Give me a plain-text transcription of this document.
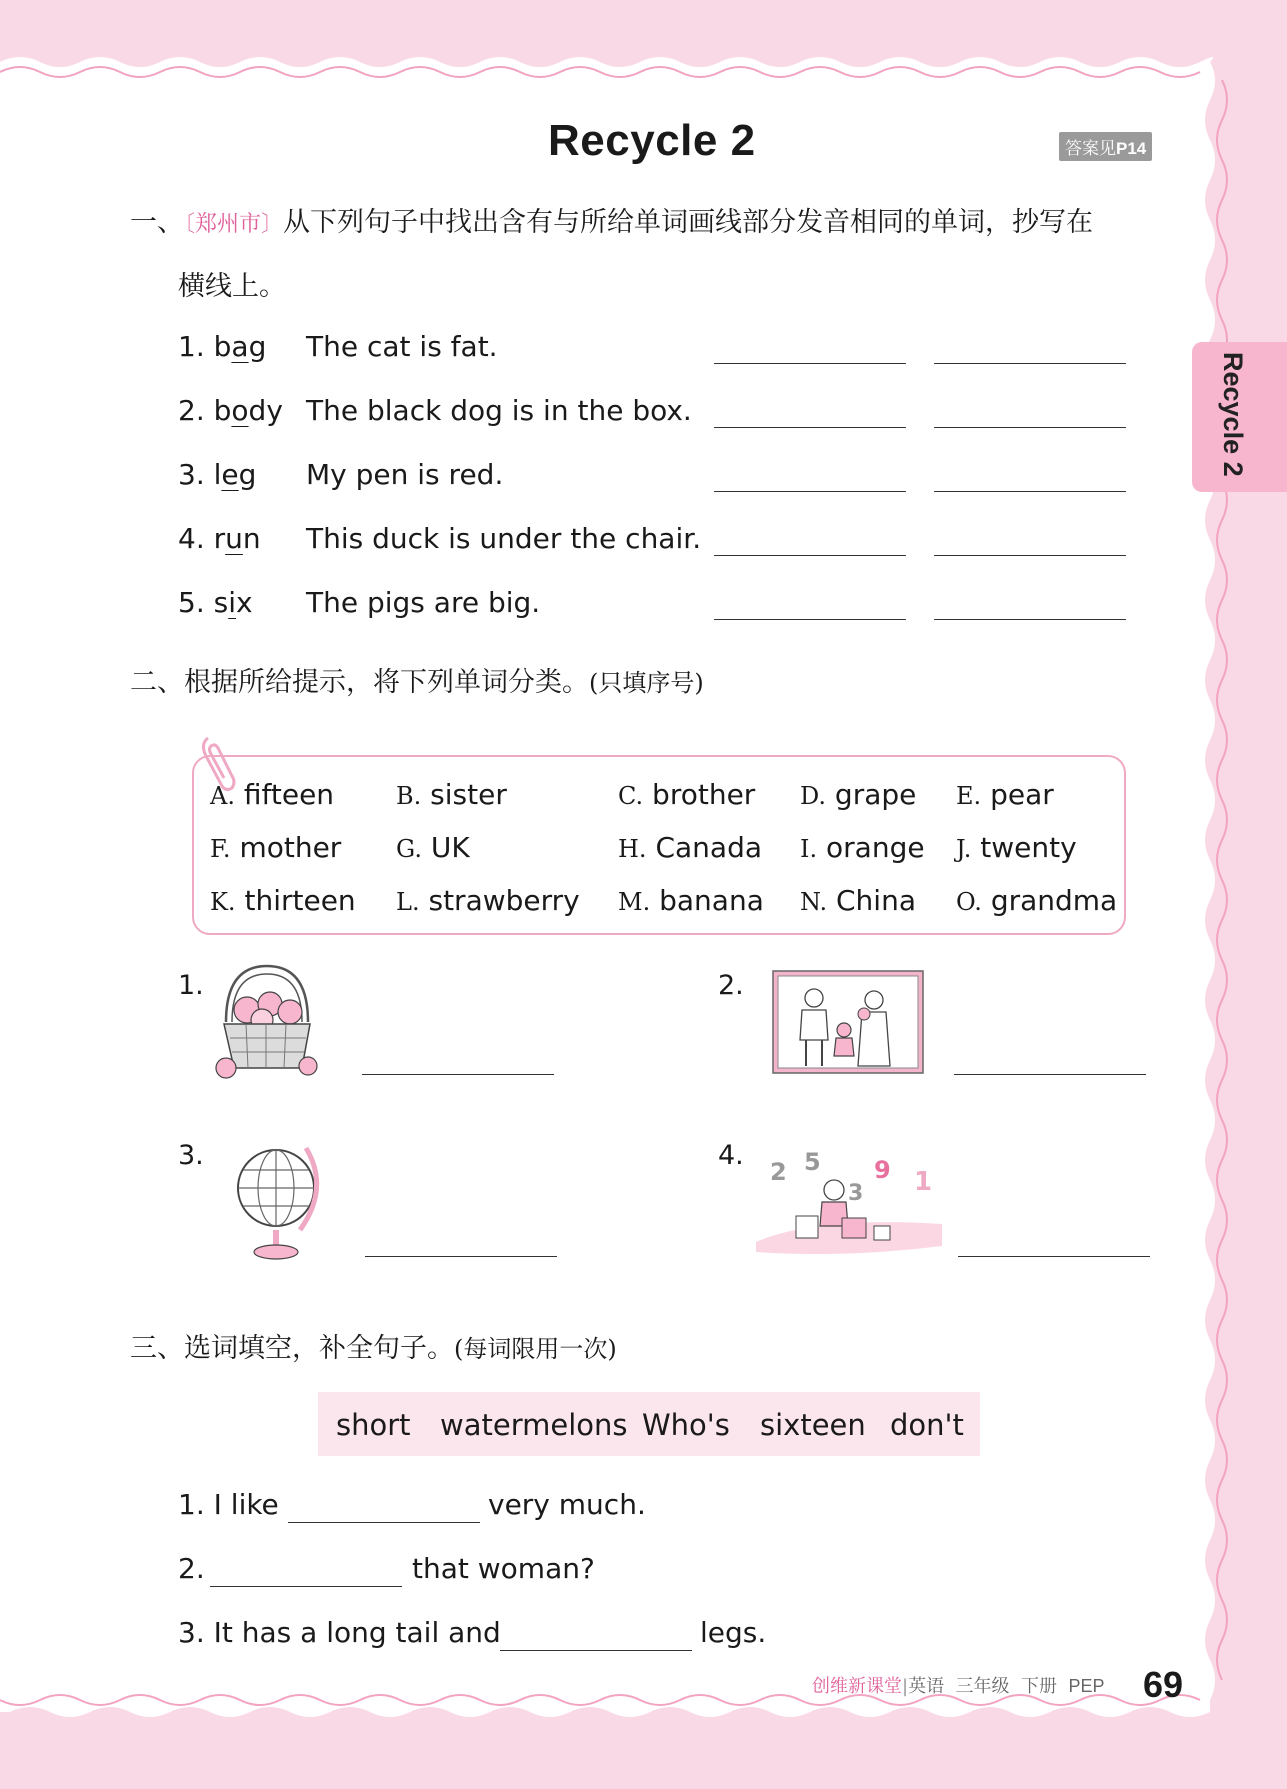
Recycle 2	答案见P14
Recycle 2
一、〔郑州市〕从下列句子中找出含有与所给单词画线部分发音相同的单词，抄写在
横线上。
1. bag The cat is fat.
2. body The black dog is in the box.
3. leg My pen is red.
4. run This duck is under the chair.
5. six The pigs are big.
二、根据所给提示，将下列单词分类。(只填序号)
A. fifteen	B. sister	C. brother D. grape E. pear
F. mother G. UK	H. Canada I. orange J. twenty
K. thirteen L. strawberry M. banana N. China O. grandma
1.	2.
3.	4.
2 5
3
9 1
三、选词填空，补全句子。(每词限用一次)
short watermelons Who's sixteen don't
1. I like	very much.
2.	that woman?
3. It has a long tail and	legs.
创维新课堂|英语 三年级 下册 PEP 69
